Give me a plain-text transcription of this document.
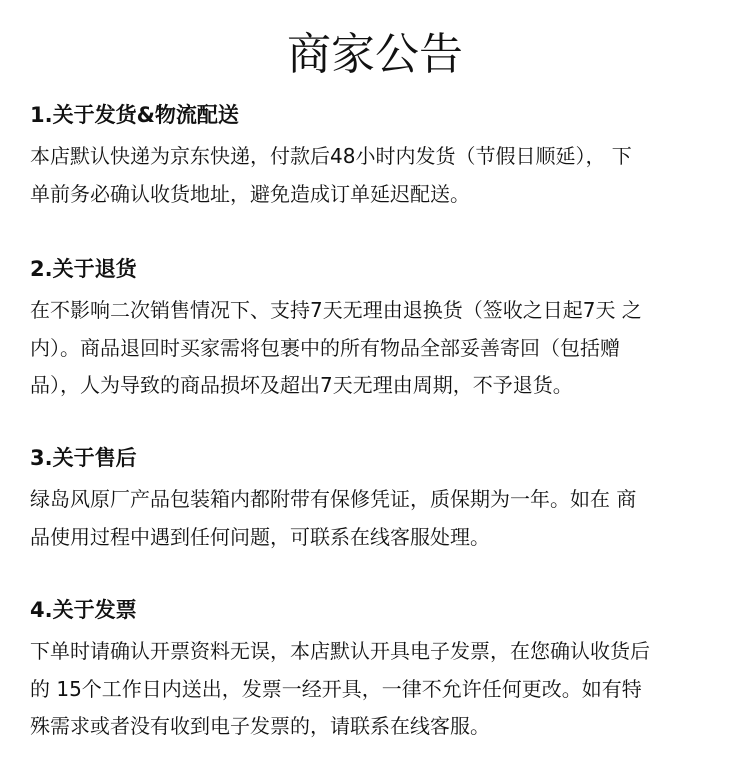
商家公告
1.关于发货&物流配送

本店默认快递为京东快递，付款后48小时内发货（节假日顺延）， 下
单前务必确认收货地址，避免造成订单延迟配送。

2.关于退货

在不影响二次销售情况下、支持7天无理由退换货（签收之日起7天 之
内）。商品退回时买家需将包裹中的所有物品全部妥善寄回（包括赠
品），人为导致的商品损坏及超出7天无理由周期，不予退货。

3.关于售后

绿岛风原厂产品包装箱内都附带有保修凭证，质保期为一年。如在 商
品使用过程中遇到任何问题，可联系在线客服处理。

4.关于发票

下单时请确认开票资料无误，本店默认开具电子发票，在您确认收货后
的 15个工作日内送出，发票一经开具，一律不允许任何更改。如有特
殊需求或者没有收到电子发票的，请联系在线客服。
